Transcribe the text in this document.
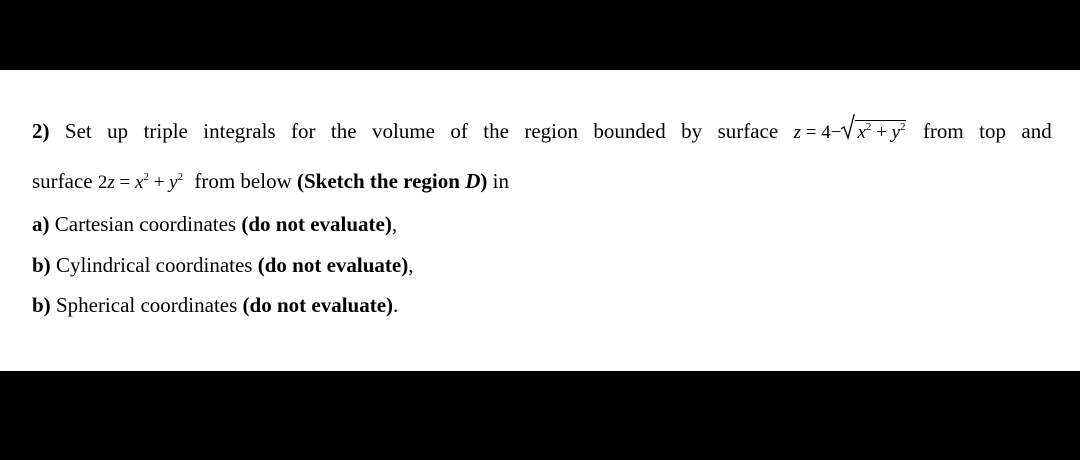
2) Set up triple integrals for the volume of the region bounded by surface $z = 4- x^2 + y^2$ from top and
surface $2z = x^2 + y^2$ from below (Sketch the region D) in
a) Cartesian coordinates (do not evaluate),
b) Cylindrical coordinates (do not evaluate),
b) Spherical coordinates (do not evaluate).
